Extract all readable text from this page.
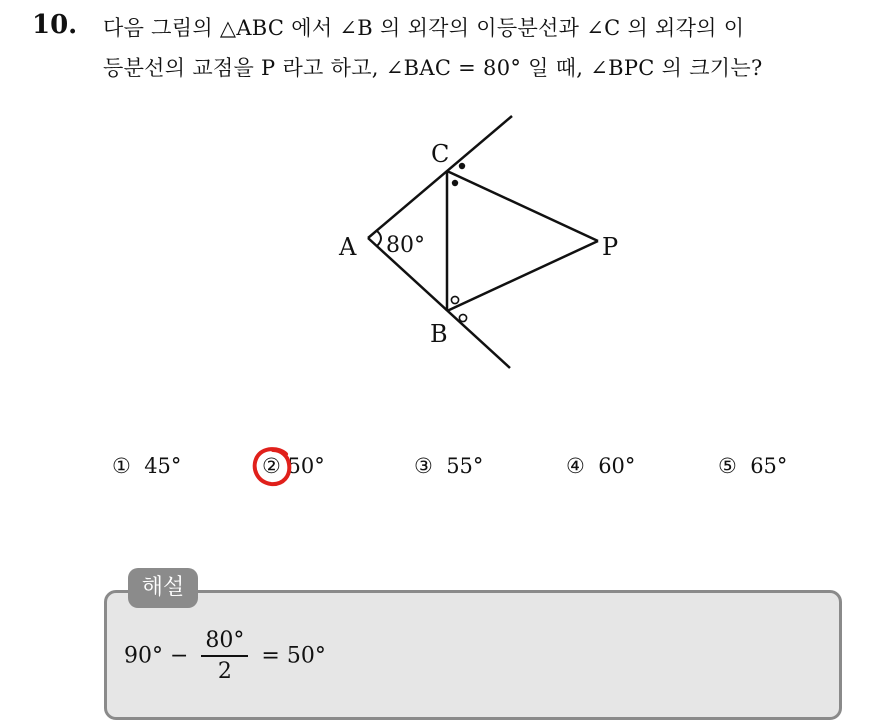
10. 다음 그림의 △ABC 에서 ∠B 의 외각의 이등분선과 ∠C 의 외각의 이
등분선의 교점을 P 라고 하고, ∠BAC = 80° 일 때, ∠BPC 의 크기는?
C
A
B
P
80°
① 45°	② 50°	③ 55°	④ 60°	⑤ 65°
해설
$90^\circ - \frac{80^\circ}{2} = 50^\circ$
